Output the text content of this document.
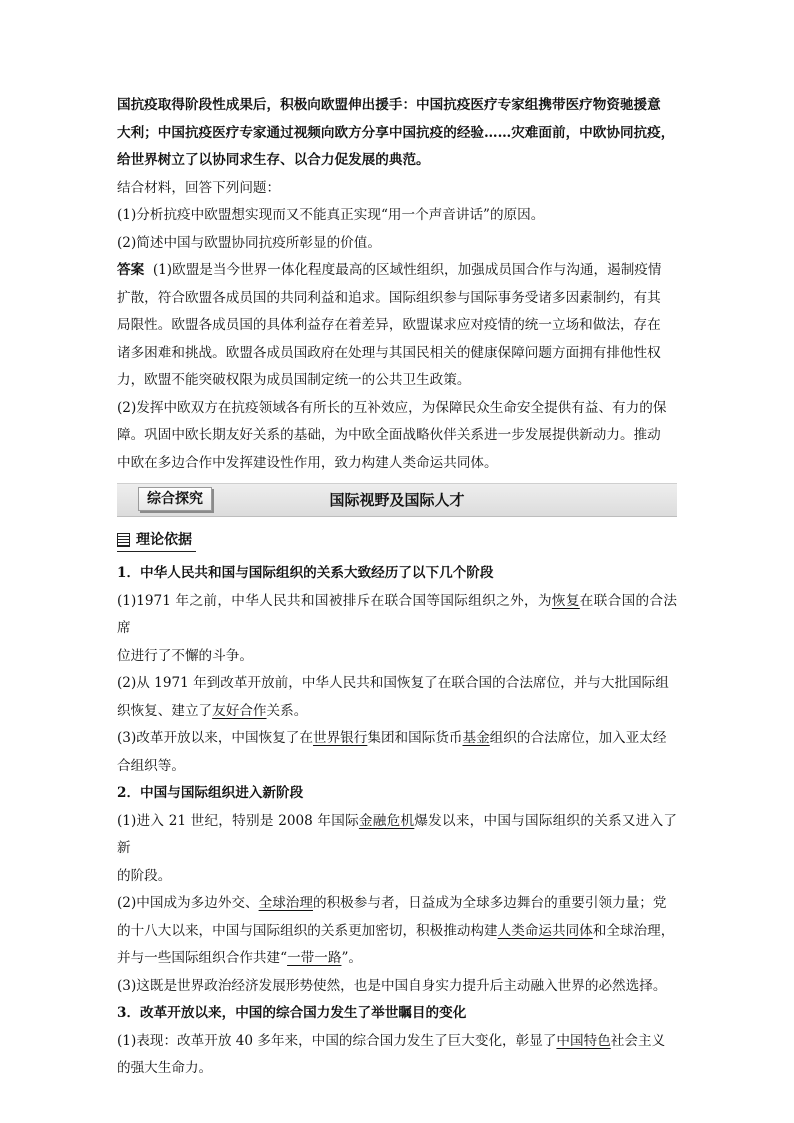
国抗疫取得阶段性成果后，积极向欧盟伸出援手：中国抗疫医疗专家组携带医疗物资驰援意

大利；中国抗疫医疗专家通过视频向欧方分享中国抗疫的经验……灾难面前，中欧协同抗疫，

给世界树立了以协同求生存、以合力促发展的典范。

结合材料，回答下列问题：

(1)分析抗疫中欧盟想实现而又不能真正实现“用一个声音讲话”的原因。

(2)简述中国与欧盟协同抗疫所彰显的价值。

答案 (1)欧盟是当今世界一体化程度最高的区域性组织，加强成员国合作与沟通，遏制疫情

扩散，符合欧盟各成员国的共同利益和追求。国际组织参与国际事务受诸多因素制约，有其

局限性。欧盟各成员国的具体利益存在着差异，欧盟谋求应对疫情的统一立场和做法，存在

诸多困难和挑战。欧盟各成员国政府在处理与其国民相关的健康保障问题方面拥有排他性权

力，欧盟不能突破权限为成员国制定统一的公共卫生政策。

(2)发挥中欧双方在抗疫领域各有所长的互补效应，为保障民众生命安全提供有益、有力的保

障。巩固中欧长期友好关系的基础，为中欧全面战略伙伴关系进一步发展提供新动力。推动

中欧在多边合作中发挥建设性作用，致力构建人类命运共同体。

综合探究	国际视野及国际人才
理论依据

1．中华人民共和国与国际组织的关系大致经历了以下几个阶段

(1)1971 年之前，中华人民共和国被排斥在联合国等国际组织之外，为恢复在联合国的合法席

位进行了不懈的斗争。

(2)从 1971 年到改革开放前，中华人民共和国恢复了在联合国的合法席位，并与大批国际组

织恢复、建立了友好合作关系。

(3)改革开放以来，中国恢复了在世界银行集团和国际货币基金组织的合法席位，加入亚太经

合组织等。

2．中国与国际组织进入新阶段

(1)进入 21 世纪，特别是 2008 年国际金融危机爆发以来，中国与国际组织的关系又进入了新

的阶段。

(2)中国成为多边外交、全球治理的积极参与者，日益成为全球多边舞台的重要引领力量；党

的十八大以来，中国与国际组织的关系更加密切，积极推动构建人类命运共同体和全球治理，

并与一些国际组织合作共建“一带一路”。

(3)这既是世界政治经济发展形势使然，也是中国自身实力提升后主动融入世界的必然选择。

3．改革开放以来，中国的综合国力发生了举世瞩目的变化

(1)表现：改革开放 40 多年来，中国的综合国力发生了巨大变化，彰显了中国特色社会主义

的强大生命力。
